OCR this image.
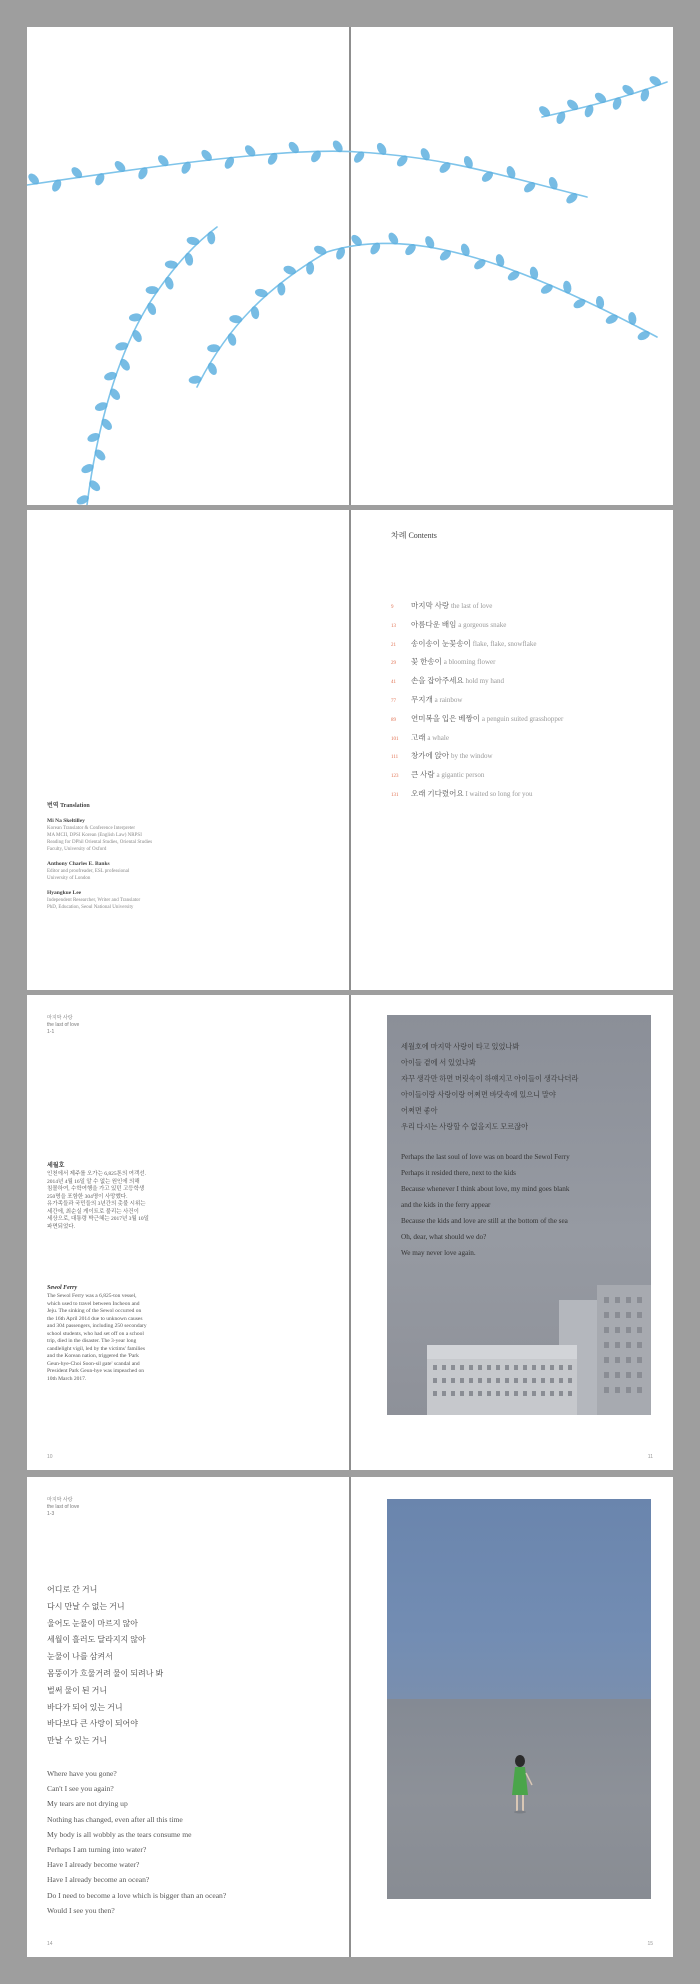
번역 Translation
Mi Na Skeltilley
Korean Translator & Conference Interpreter
MA MCII, DPSI Korean (English Law) NRPSI
Reading for DPhil Oriental Studies, Oriental Studies
Faculty, University of Oxford
Anthony Charles E. Banks
Editor and proofreader, ESL professional
University of London
Hyangkue Lee
Independent Researcher, Writer and Translator
PhD, Education, Seoul National University
차례 Contents
9 마지막 사랑 the last of love
13 아름다운 배임 a gorgeous snake
21 송이송이 눈꽃송이 flake, flake, snowflake
29 꽃 한송이 a blooming flower
41 손을 잡아주세요 hold my hand
77 무지개 a rainbow
89 연미복을 입은 베짱이 a penguin suited grasshopper
101 고래 a whale
111 창가에 앉아 by the window
123 큰 사람 a gigantic person
131 오래 기다렸어요 I waited so long for you
마지막 사랑
the last of love
1-1
세월호

인천에서 제주를 오가는 6,825톤의 여객선.

2014년 4월 16일 알 수 없는 원인에 의해

침몰하여, 수학여행을 가고 있던 고등학생

250명을 포함한 304명이 사망했다.

유가족들과 국민들의 3년간의 촛불 시위는

세간에, 최순실 게이트로 불리는 사건이

세상으로, 대통령 박근혜는 2017년 3월 10일

파면되었다.

Sewol Ferry

The Sewol Ferry was a 6,825-ton vessel,

which used to travel between Incheon and

Jeju. The sinking of the Sewol occurred on

the 16th April 2014 due to unknown causes

and 304 passengers, including 250 secondary

school students, who had set off on a school

trip, died in the disaster. The 3-year long

candlelight vigil, led by the victims' families

and the Korean nation, triggered the 'Park

Geun-hye-Choi Soon-sil gate' scandal and

President Park Geun-hye was impeached on

10th March 2017.

10
세월호에 마지막 사랑이 타고 있었나봐
아이들 곁에 서 있었나봐
자꾸 생각만 하면 머릿속이 하얘지고 아이들이 생각나더라
아이들이랑 사랑이랑 어쩌면 바닷속에 있으니 말야
어쩌면 좋아
우리 다시는 사랑할 수 없을지도 모르잖아
Perhaps the last soul of love was on board the Sewol Ferry
Perhaps it resided there, next to the kids
Because whenever I think about love, my mind goes blank
and the kids in the ferry appear
Because the kids and love are still at the bottom of the sea
Oh, dear, what should we do?
We may never love again.
11
마지막 사랑
the last of love
1-3
어디로 간 거니
다시 만날 수 없는 거니
울어도 눈물이 마르지 않아
세월이 흘러도 달라지지 않아
눈물이 나를 삼켜서
몸뚱이가 흐물거려 물이 되려나 봐
벌써 물이 된 거니
바다가 되어 있는 거니
바다보다 큰 사랑이 되어야
만날 수 있는 거니
Where have you gone?
Can't I see you again?
My tears are not drying up
Nothing has changed, even after all this time
My body is all wobbly as the tears consume me
Perhaps I am turning into water?
Have I already become water?
Have I already become an ocean?
Do I need to become a love which is bigger than an ocean?
Would I see you then?
14	15
